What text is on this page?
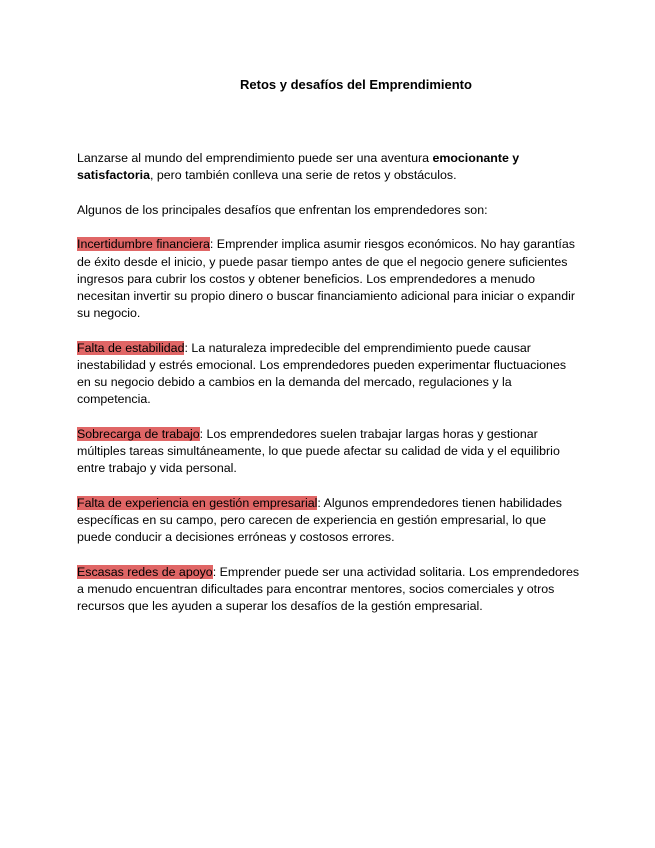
Retos y desafíos del Emprendimiento

Lanzarse al mundo del emprendimiento puede ser una aventura emocionante y satisfactoria, pero también conlleva una serie de retos y obstáculos.

Algunos de los principales desafíos que enfrentan los emprendedores son:

Incertidumbre financiera: Emprender implica asumir riesgos económicos. No hay garantías de éxito desde el inicio, y puede pasar tiempo antes de que el negocio genere suficientes ingresos para cubrir los costos y obtener beneficios. Los emprendedores a menudo necesitan invertir su propio dinero o buscar financiamiento adicional para iniciar o expandir su negocio.

Falta de estabilidad: La naturaleza impredecible del emprendimiento puede causar inestabilidad y estrés emocional. Los emprendedores pueden experimentar fluctuaciones en su negocio debido a cambios en la demanda del mercado, regulaciones y la competencia.

Sobrecarga de trabajo: Los emprendedores suelen trabajar largas horas y gestionar múltiples tareas simultáneamente, lo que puede afectar su calidad de vida y el equilibrio entre trabajo y vida personal.

Falta de experiencia en gestión empresarial: Algunos emprendedores tienen habilidades específicas en su campo, pero carecen de experiencia en gestión empresarial, lo que puede conducir a decisiones erróneas y costosos errores.

Escasas redes de apoyo: Emprender puede ser una actividad solitaria. Los emprendedores a menudo encuentran dificultades para encontrar mentores, socios comerciales y otros recursos que les ayuden a superar los desafíos de la gestión empresarial.
